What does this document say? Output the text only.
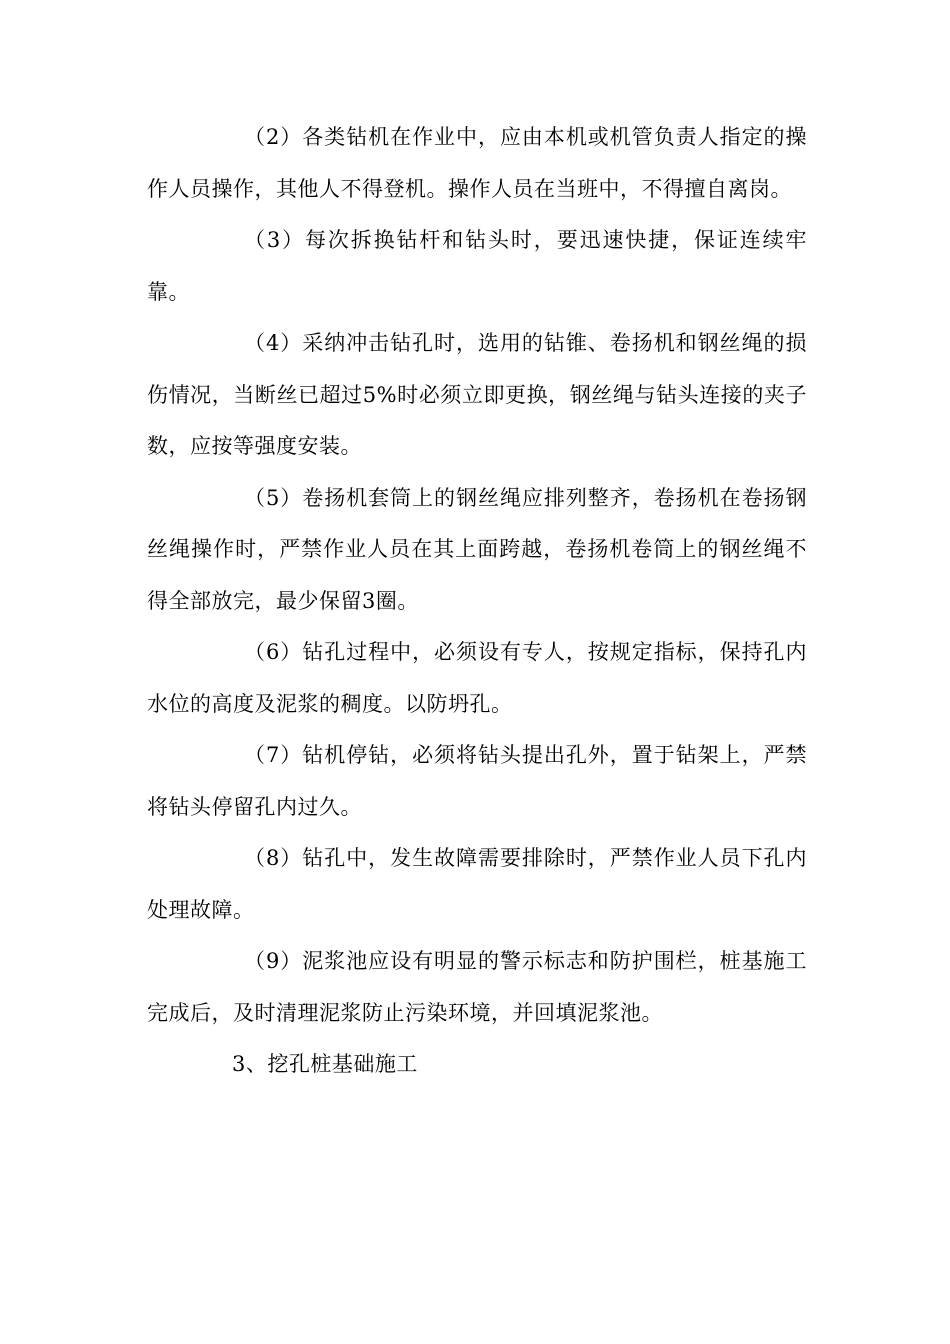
（2）各类钻机在作业中，应由本机或机管负责人指定的操作人员操作，其他人不得登机。操作人员在当班中，不得擅自离岗。

（3）每次拆换钻杆和钻头时，要迅速快捷，保证连续牢靠。

（4）采纳冲击钻孔时，选用的钻锥、卷扬机和钢丝绳的损伤情况，当断丝已超过5%时必须立即更换，钢丝绳与钻头连接的夹子数，应按等强度安装。

（5）卷扬机套筒上的钢丝绳应排列整齐，卷扬机在卷扬钢丝绳操作时，严禁作业人员在其上面跨越，卷扬机卷筒上的钢丝绳不得全部放完，最少保留3圈。

（6）钻孔过程中，必须设有专人，按规定指标，保持孔内水位的高度及泥浆的稠度。以防坍孔。

（7）钻机停钻，必须将钻头提出孔外，置于钻架上，严禁将钻头停留孔内过久。

（8）钻孔中，发生故障需要排除时，严禁作业人员下孔内处理故障。

（9）泥浆池应设有明显的警示标志和防护围栏，桩基施工完成后，及时清理泥浆防止污染环境，并回填泥浆池。

3、挖孔桩基础施工
